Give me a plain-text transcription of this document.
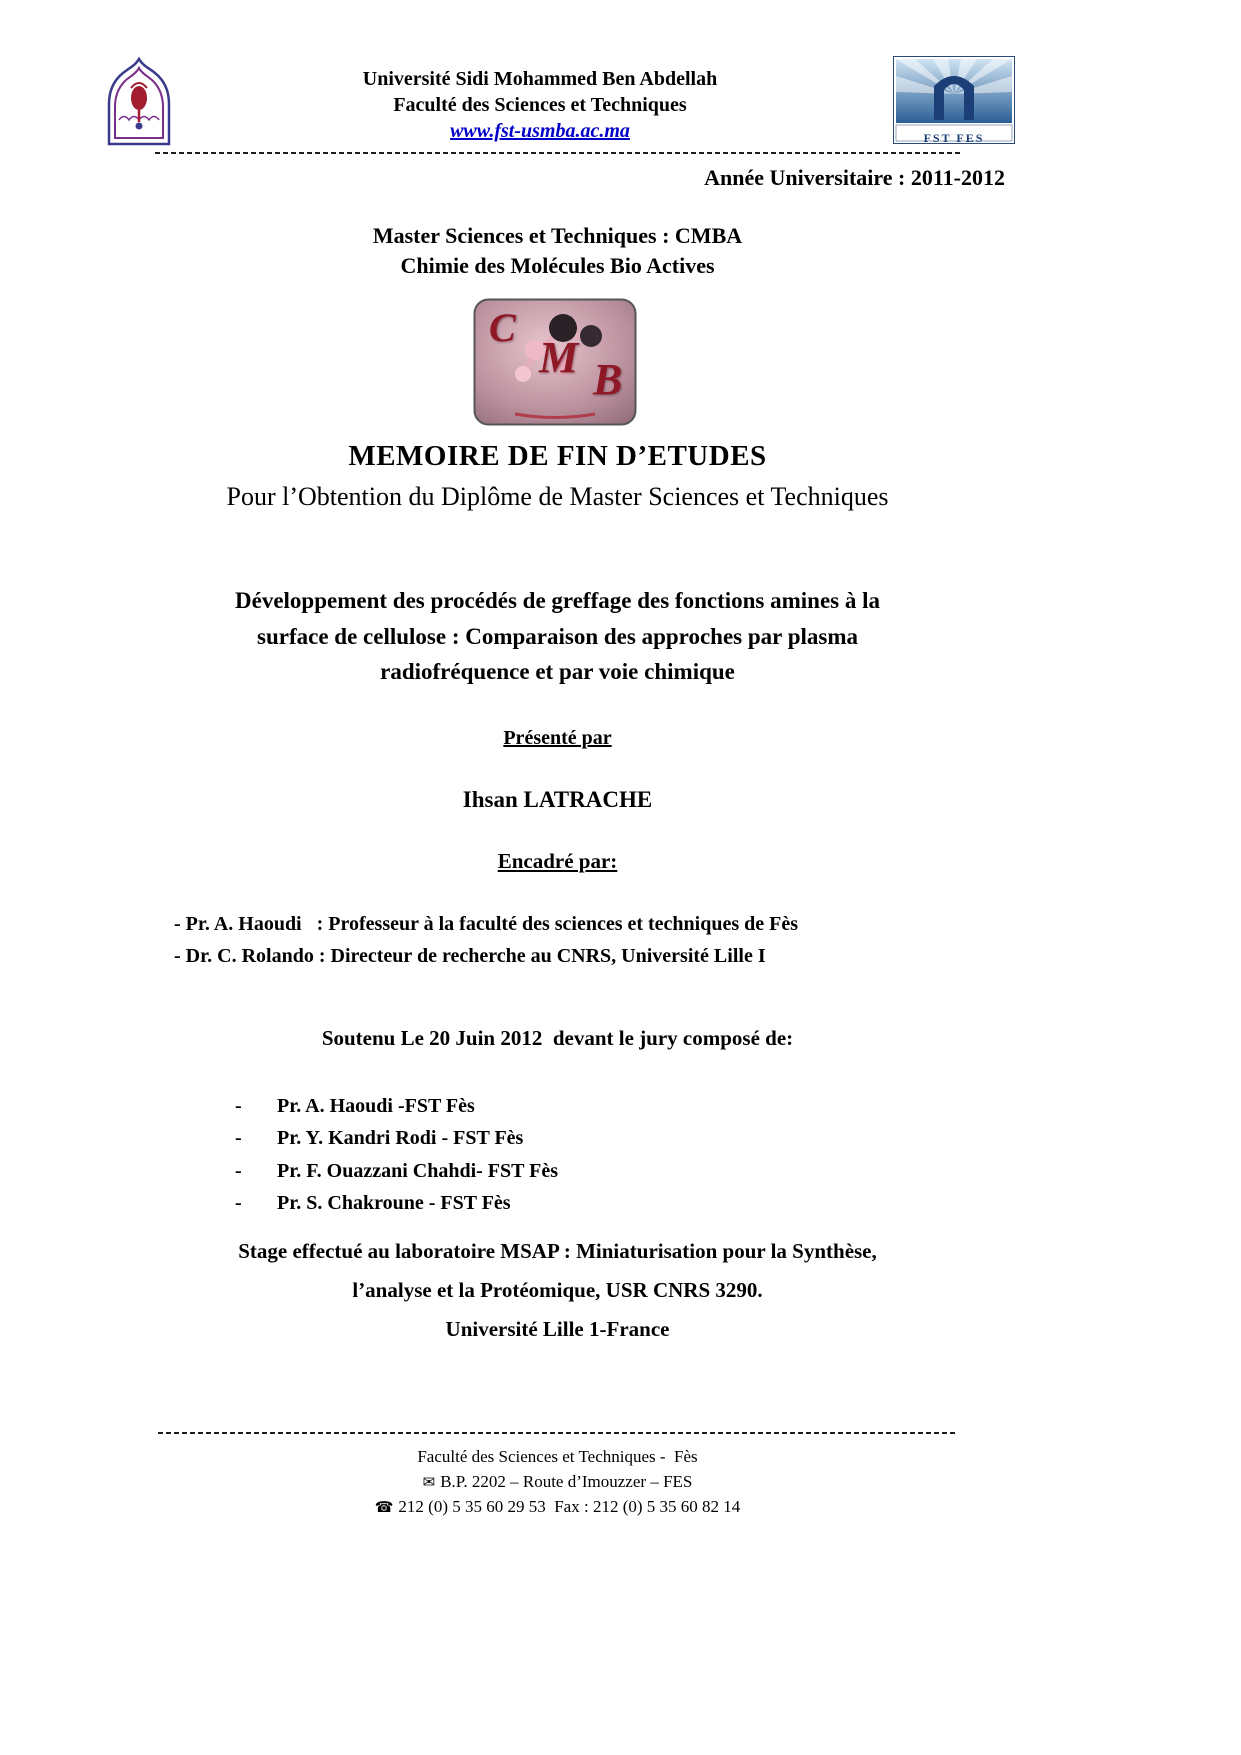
Université Sidi Mohammed Ben Abdellah
Faculté des Sciences et Techniques
www.fst-usmba.ac.ma	FST FES
Année Universitaire : 2011-2012
Master Sciences et Techniques : CMBA
Chimie des Molécules Bio Actives
C
M B
MEMOIRE DE FIN D’ETUDES
Pour l’Obtention du Diplôme de Master Sciences et Techniques
Développement des procédés de greffage des fonctions amines à la
surface de cellulose : Comparaison des approches par plasma
radiofréquence et par voie chimique
Présenté par
Ihsan LATRACHE
Encadré par:
- Pr. A. Haoudi   : Professeur à la faculté des sciences et techniques de Fès
- Dr. C. Rolando : Directeur de recherche au CNRS, Université Lille I
Soutenu Le 20 Juin 2012  devant le jury composé de:
-	Pr. A. Haoudi -FST Fès
-	Pr. Y. Kandri Rodi - FST Fès
-	Pr. F. Ouazzani Chahdi- FST Fès
-	Pr. S. Chakroune - FST Fès
Stage effectué au laboratoire MSAP : Miniaturisation pour la Synthèse,
l’analyse et la Protéomique, USR CNRS 3290.
Université Lille 1-France
Faculté des Sciences et Techniques -  Fès
✉ B.P. 2202 – Route d’Imouzzer – FES
☎ 212 (0) 5 35 60 29 53  Fax : 212 (0) 5 35 60 82 14
